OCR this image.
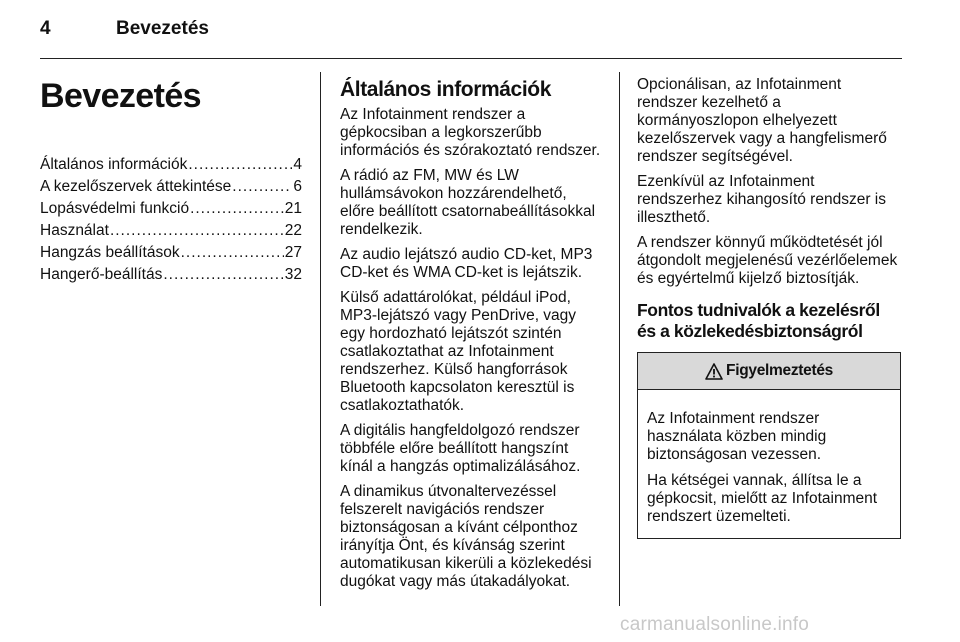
4	Bevezetés
Bevezetés
Általános információk .....	4
A kezelőszervek áttekintése .....	6
Lopásvédelmi funkció .....	21
Használat .....	22
Hangzás beállítások .....	27
Hangerő-beállítás .....	32
Általános információk

Az Infotainment rendszer a gépkocsiban a legkorszerűbb információs és szórakoztató rendszer.

A rádió az FM, MW és LW hullámsávokon hozzárendelhető, előre beállított csatornabeállításokkal rendelkezik.

Az audio lejátszó audio CD-ket, MP3 CD-ket és WMA CD-ket is lejátszik.

Külső adattárolókat, például iPod, MP3-lejátszó vagy PenDrive, vagy egy hordozható lejátszót szintén csatlakoztathat az Infotainment rendszerhez. Külső hangforrások Bluetooth kapcsolaton keresztül is csatlakoztathatók.

A digitális hangfeldolgozó rendszer többféle előre beállított hangszínt kínál a hangzás optimalizálásához.

A dinamikus útvonaltervezéssel felszerelt navigációs rendszer biztonságosan a kívánt célponthoz irányítja Önt, és kívánság szerint automatikusan kikerüli a közlekedési dugókat vagy más útakadályokat.

Opcionálisan, az Infotainment rendszer kezelhető a kormányoszlopon elhelyezett kezelőszervek vagy a hangfelismerő rendszer segítségével.

Ezenkívül az Infotainment rendszerhez kihangosító rendszer is illeszthető.

A rendszer könnyű működtetését jól átgondolt megjelenésű vezérlőelemek és egyértelmű kijelző biztosítják.

Fontos tudnivalók a kezelésről és a közlekedésbiztonságról
Figyelmeztetés

Az Infotainment rendszer használata közben mindig biztonságosan vezessen.

Ha kétségei vannak, állítsa le a gépkocsit, mielőtt az Infotainment rendszert üzemelteti.

carmanualsonline.info
